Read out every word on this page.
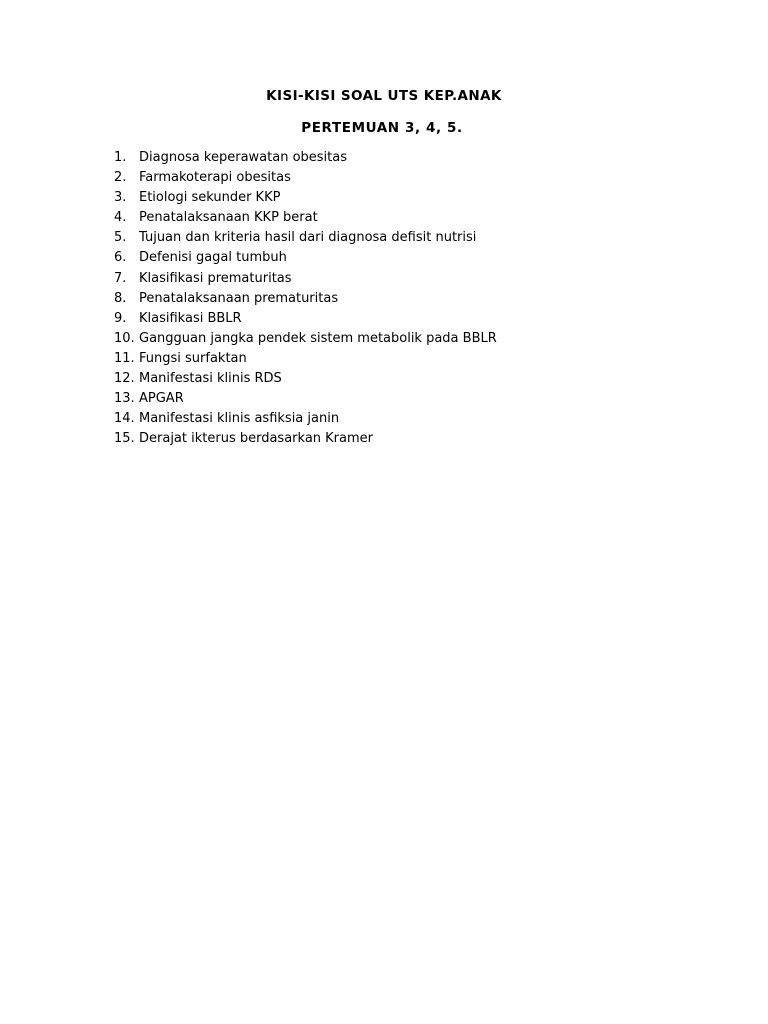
KISI-KISI SOAL UTS KEP.ANAK
PERTEMUAN 3, 4, 5.
1. Diagnosa keperawatan obesitas
2. Farmakoterapi obesitas
3. Etiologi sekunder KKP
4. Penatalaksanaan KKP berat
5. Tujuan dan kriteria hasil dari diagnosa defisit nutrisi
6. Defenisi gagal tumbuh
7. Klasifikasi prematuritas
8. Penatalaksanaan prematuritas
9. Klasifikasi BBLR
10. Gangguan jangka pendek sistem metabolik pada BBLR
11. Fungsi surfaktan
12. Manifestasi klinis RDS
13. APGAR
14. Manifestasi klinis asfiksia janin
15. Derajat ikterus berdasarkan Kramer
